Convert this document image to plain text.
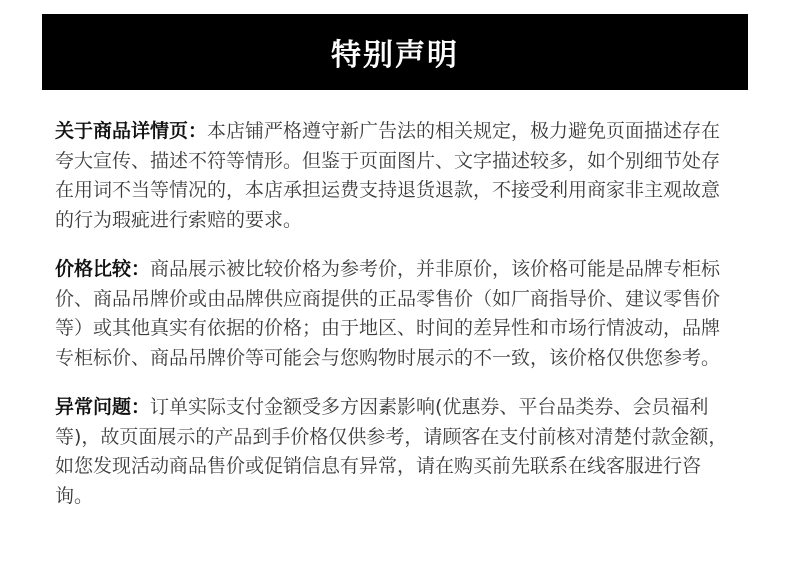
特别声明

关于商品详情页：本店铺严格遵守新广告法的相关规定，极力避免页面描述存在夸大宣传、描述不符等情形。但鉴于页面图片、文字描述较多，如个别细节处存在用词不当等情况的，本店承担运费支持退货退款，不接受利用商家非主观故意的行为瑕疵进行索赔的要求。

价格比较：商品展示被比较价格为参考价，并非原价，该价格可能是品牌专柜标价、商品吊牌价或由品牌供应商提供的正品零售价（如厂商指导价、建议零售价等）或其他真实有依据的价格；由于地区、时间的差异性和市场行情波动，品牌专柜标价、商品吊牌价等可能会与您购物时展示的不一致，该价格仅供您参考。

异常问题：订单实际支付金额受多方因素影响(优惠券、平台品类券、会员福利等)，故页面展示的产品到手价格仅供参考，请顾客在支付前核对清楚付款金额，如您发现活动商品售价或促销信息有异常，请在购买前先联系在线客服进行咨询。
